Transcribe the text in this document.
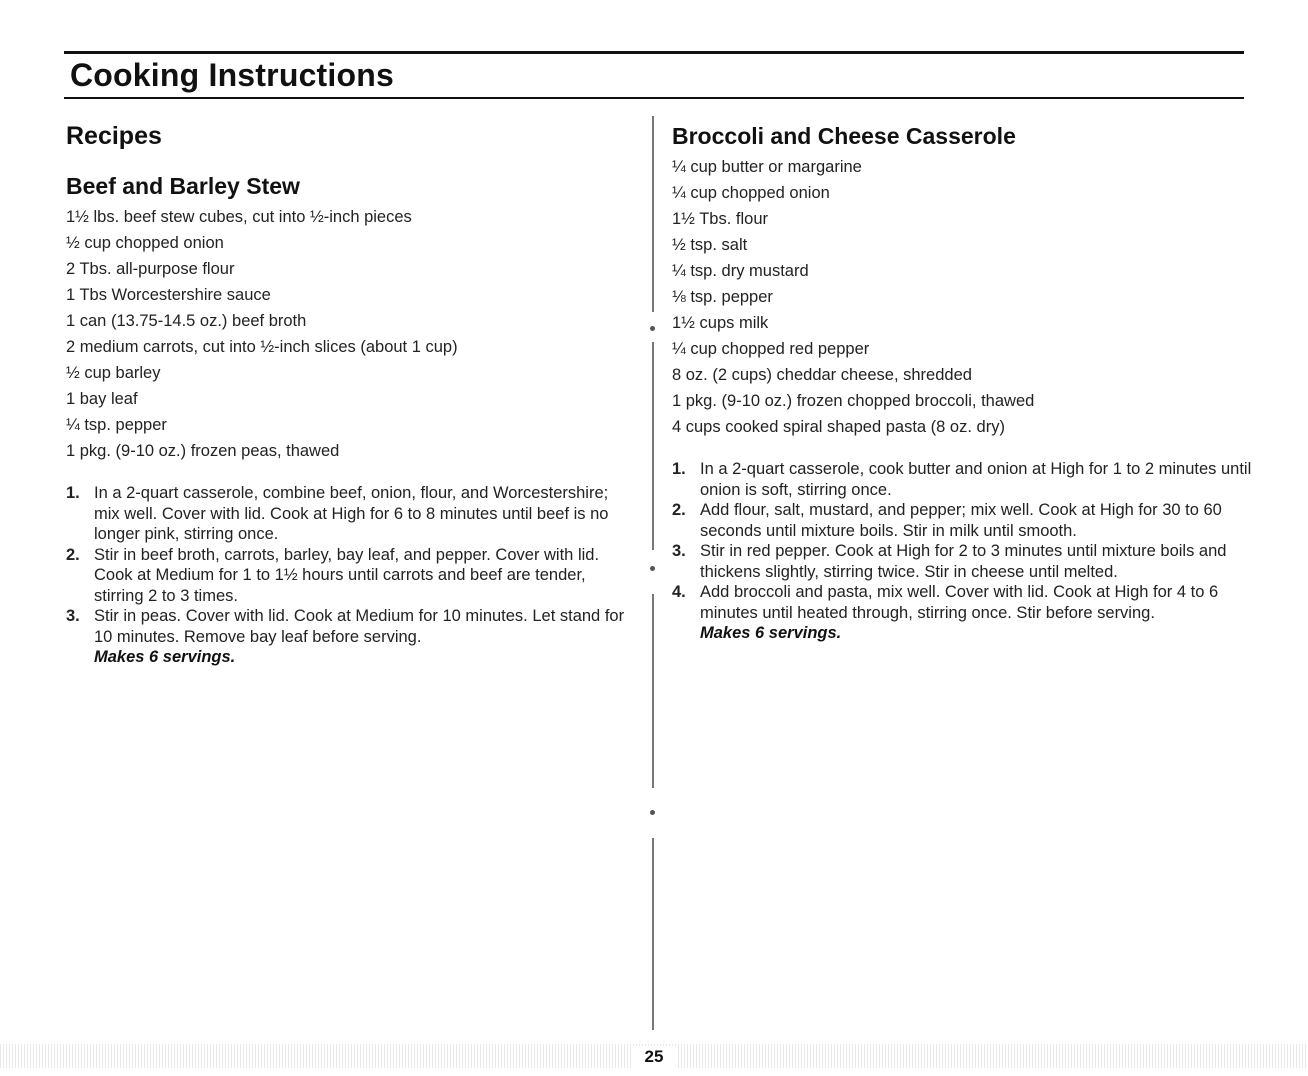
Cooking Instructions
Recipes
Beef and Barley Stew
1½ lbs. beef stew cubes, cut into ½-inch pieces
½ cup chopped onion
2 Tbs. all-purpose flour
1 Tbs Worcestershire sauce
1 can (13.75-14.5 oz.) beef broth
2 medium carrots, cut into ½-inch slices (about 1 cup)
½ cup barley
1 bay leaf
¼ tsp. pepper
1 pkg. (9-10 oz.) frozen peas, thawed
1. In a 2-quart casserole, combine beef, onion, flour, and Worcestershire; mix well. Cover with lid. Cook at High for 6 to 8 minutes until beef is no longer pink, stirring once.
2. Stir in beef broth, carrots, barley, bay leaf, and pepper. Cover with lid. Cook at Medium for 1 to 1½ hours until carrots and beef are tender, stirring 2 to 3 times.
3. Stir in peas. Cover with lid. Cook at Medium for 10 minutes. Let stand for 10 minutes. Remove bay leaf before serving.
Makes 6 servings.
Broccoli and Cheese Casserole
¼ cup butter or margarine
¼ cup chopped onion
1½ Tbs. flour
½ tsp. salt
¼ tsp. dry mustard
⅛ tsp. pepper
1½ cups milk
¼ cup chopped red pepper
8 oz. (2 cups) cheddar cheese, shredded
1 pkg. (9-10 oz.) frozen chopped broccoli, thawed
4 cups cooked spiral shaped pasta (8 oz. dry)
1. In a 2-quart casserole, cook butter and onion at High for 1 to 2 minutes until onion is soft, stirring once.
2. Add flour, salt, mustard, and pepper; mix well. Cook at High for 30 to 60 seconds until mixture boils. Stir in milk until smooth.
3. Stir in red pepper. Cook at High for 2 to 3 minutes until mixture boils and thickens slightly, stirring twice. Stir in cheese until melted.
4. Add broccoli and pasta, mix well. Cover with lid. Cook at High for 4 to 6 minutes until heated through, stirring once. Stir before serving.
Makes 6 servings.
25
